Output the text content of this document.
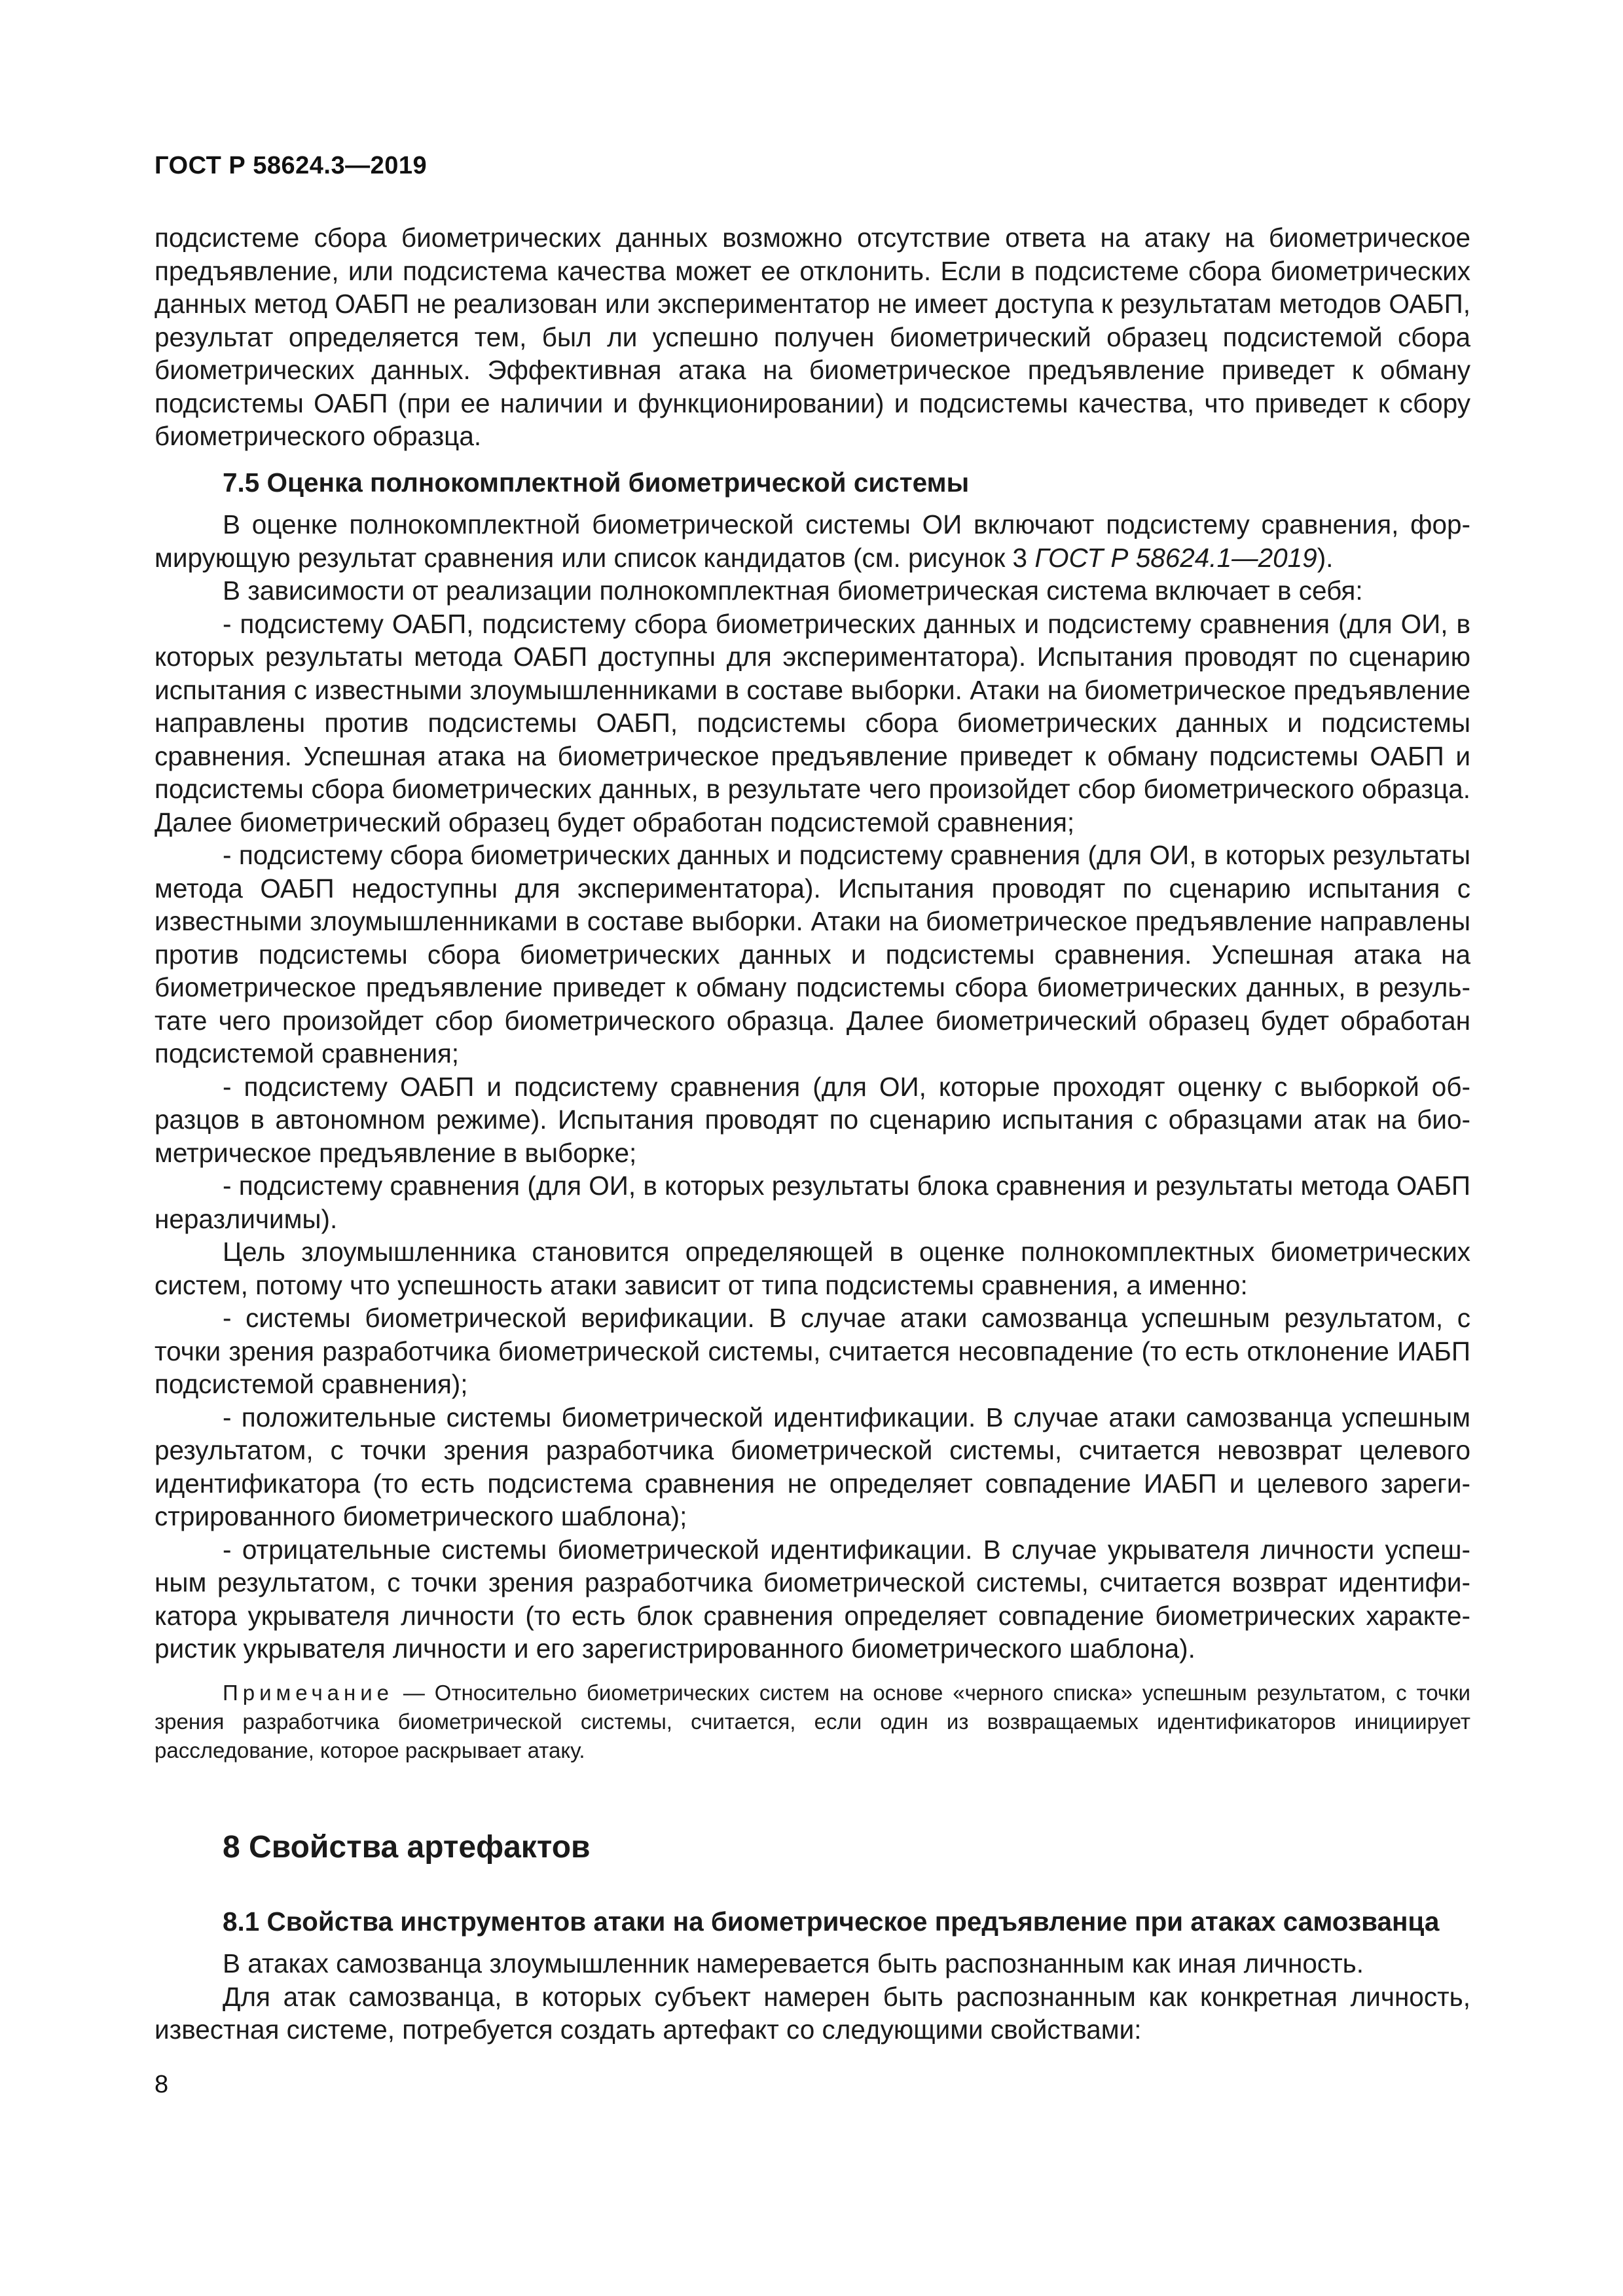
ГОСТ Р 58624.3—2019

подсистеме сбора биометрических данных возможно отсутствие ответа на атаку на биометрическое предъявление, или подсистема качества может ее отклонить. Если в подсистеме сбора биометрических данных метод ОАБП не реализован или экспериментатор не имеет доступа к результатам методов ОАБП, результат определяется тем, был ли успешно получен биометрический образец подсистемой сбора биометрических данных. Эффективная атака на биометрическое предъявление приведет к обману подсистемы ОАБП (при ее наличии и функционировании) и подсистемы качества, что приведет к сбору биометрического образца.

7.5 Оценка полнокомплектной биометрической системы

В оценке полнокомплектной биометрической системы ОИ включают подсистему сравнения, формирующую результат сравнения или список кандидатов (см. рисунок 3 ГОСТ Р 58624.1—2019).

В зависимости от реализации полнокомплектная биометрическая система включает в себя:

- подсистему ОАБП, подсистему сбора биометрических данных и подсистему сравнения (для ОИ, в которых результаты метода ОАБП доступны для экспериментатора). Испытания проводят по сценарию испытания с известными злоумышленниками в составе выборки. Атаки на биометрическое предъявление направлены против подсистемы ОАБП, подсистемы сбора биометрических данных и подсистемы сравнения. Успешная атака на биометрическое предъявление приведет к обману подсистемы ОАБП и подсистемы сбора биометрических данных, в результате чего произойдет сбор биометрического образца. Далее биометрический образец будет обработан подсистемой сравнения;

- подсистему сбора биометрических данных и подсистему сравнения (для ОИ, в которых результаты метода ОАБП недоступны для экспериментатора). Испытания проводят по сценарию испытания с известными злоумышленниками в составе выборки. Атаки на биометрическое предъявление направлены против подсистемы сбора биометрических данных и подсистемы сравнения. Успешная атака на биометрическое предъявление приведет к обману подсистемы сбора биометрических данных, в результате чего произойдет сбор биометрического образца. Далее биометрический образец будет обработан подсистемой сравнения;

- подсистему ОАБП и подсистему сравнения (для ОИ, которые проходят оценку с выборкой образцов в автономном режиме). Испытания проводят по сценарию испытания с образцами атак на биометрическое предъявление в выборке;

- подсистему сравнения (для ОИ, в которых результаты блока сравнения и результаты метода ОАБП неразличимы).

Цель злоумышленника становится определяющей в оценке полнокомплектных биометрических систем, потому что успешность атаки зависит от типа подсистемы сравнения, а именно:

- системы биометрической верификации. В случае атаки самозванца успешным результатом, с точки зрения разработчика биометрической системы, считается несовпадение (то есть отклонение ИАБП подсистемой сравнения);

- положительные системы биометрической идентификации. В случае атаки самозванца успешным результатом, с точки зрения разработчика биометрической системы, считается невозврат целевого идентификатора (то есть подсистема сравнения не определяет совпадение ИАБП и целевого зарегистрированного биометрического шаблона);

- отрицательные системы биометрической идентификации. В случае укрывателя личности успешным результатом, с точки зрения разработчика биометрической системы, считается возврат идентификатора укрывателя личности (то есть блок сравнения определяет совпадение биометрических характеристик укрывателя личности и его зарегистрированного биометрического шаблона).

Примечание — Относительно биометрических систем на основе «черного списка» успешным результатом, с точки зрения разработчика биометрической системы, считается, если один из возвращаемых идентификаторов инициирует расследование, которое раскрывает атаку.

8 Свойства артефактов

8.1 Свойства инструментов атаки на биометрическое предъявление при атаках самозванца

В атаках самозванца злоумышленник намеревается быть распознанным как иная личность.

Для атак самозванца, в которых субъект намерен быть распознанным как конкретная личность, известная системе, потребуется создать артефакт со следующими свойствами:

8
